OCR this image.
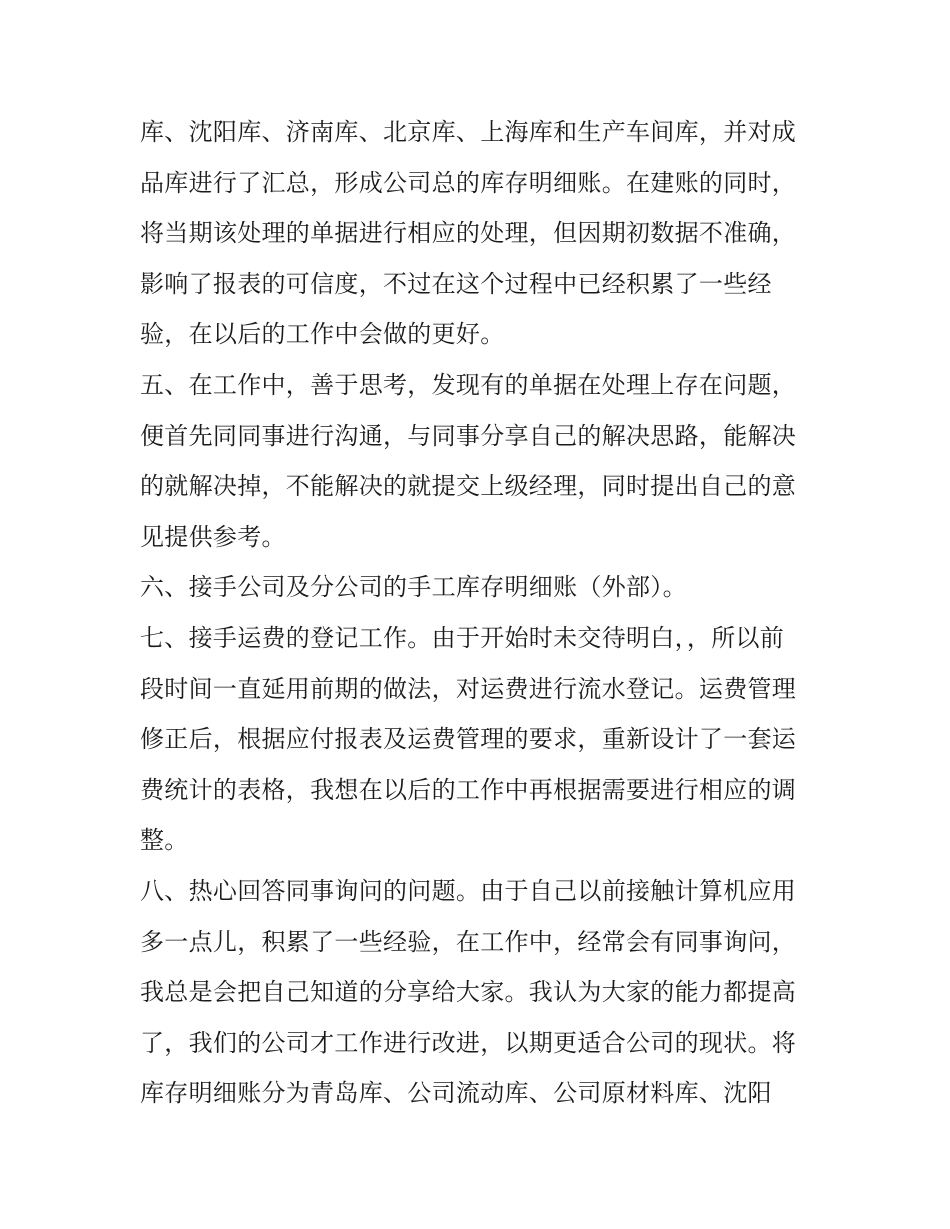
库、沈阳库、济南库、北京库、上海库和生产车间库，并对成
品库进行了汇总，形成公司总的库存明细账。在建账的同时，
将当期该处理的单据进行相应的处理，但因期初数据不准确，
影响了报表的可信度，不过在这个过程中已经积累了一些经
验，在以后的工作中会做的更好。
五、在工作中，善于思考，发现有的单据在处理上存在问题，
便首先同同事进行沟通，与同事分享自己的解决思路，能解决
的就解决掉，不能解决的就提交上级经理，同时提出自己的意
见提供参考。
六、接手公司及分公司的手工库存明细账（外部）。
七、接手运费的登记工作。由于开始时未交待明白，，所以前
段时间一直延用前期的做法，对运费进行流水登记。运费管理
修正后，根据应付报表及运费管理的要求，重新设计了一套运
费统计的表格，我想在以后的工作中再根据需要进行相应的调
整。
八、热心回答同事询问的问题。由于自己以前接触计算机应用
多一点儿，积累了一些经验，在工作中，经常会有同事询问，
我总是会把自己知道的分享给大家。我认为大家的能力都提高
了，我们的公司才工作进行改进，以期更适合公司的现状。将
库存明细账分为青岛库、公司流动库、公司原材料库、沈阳
